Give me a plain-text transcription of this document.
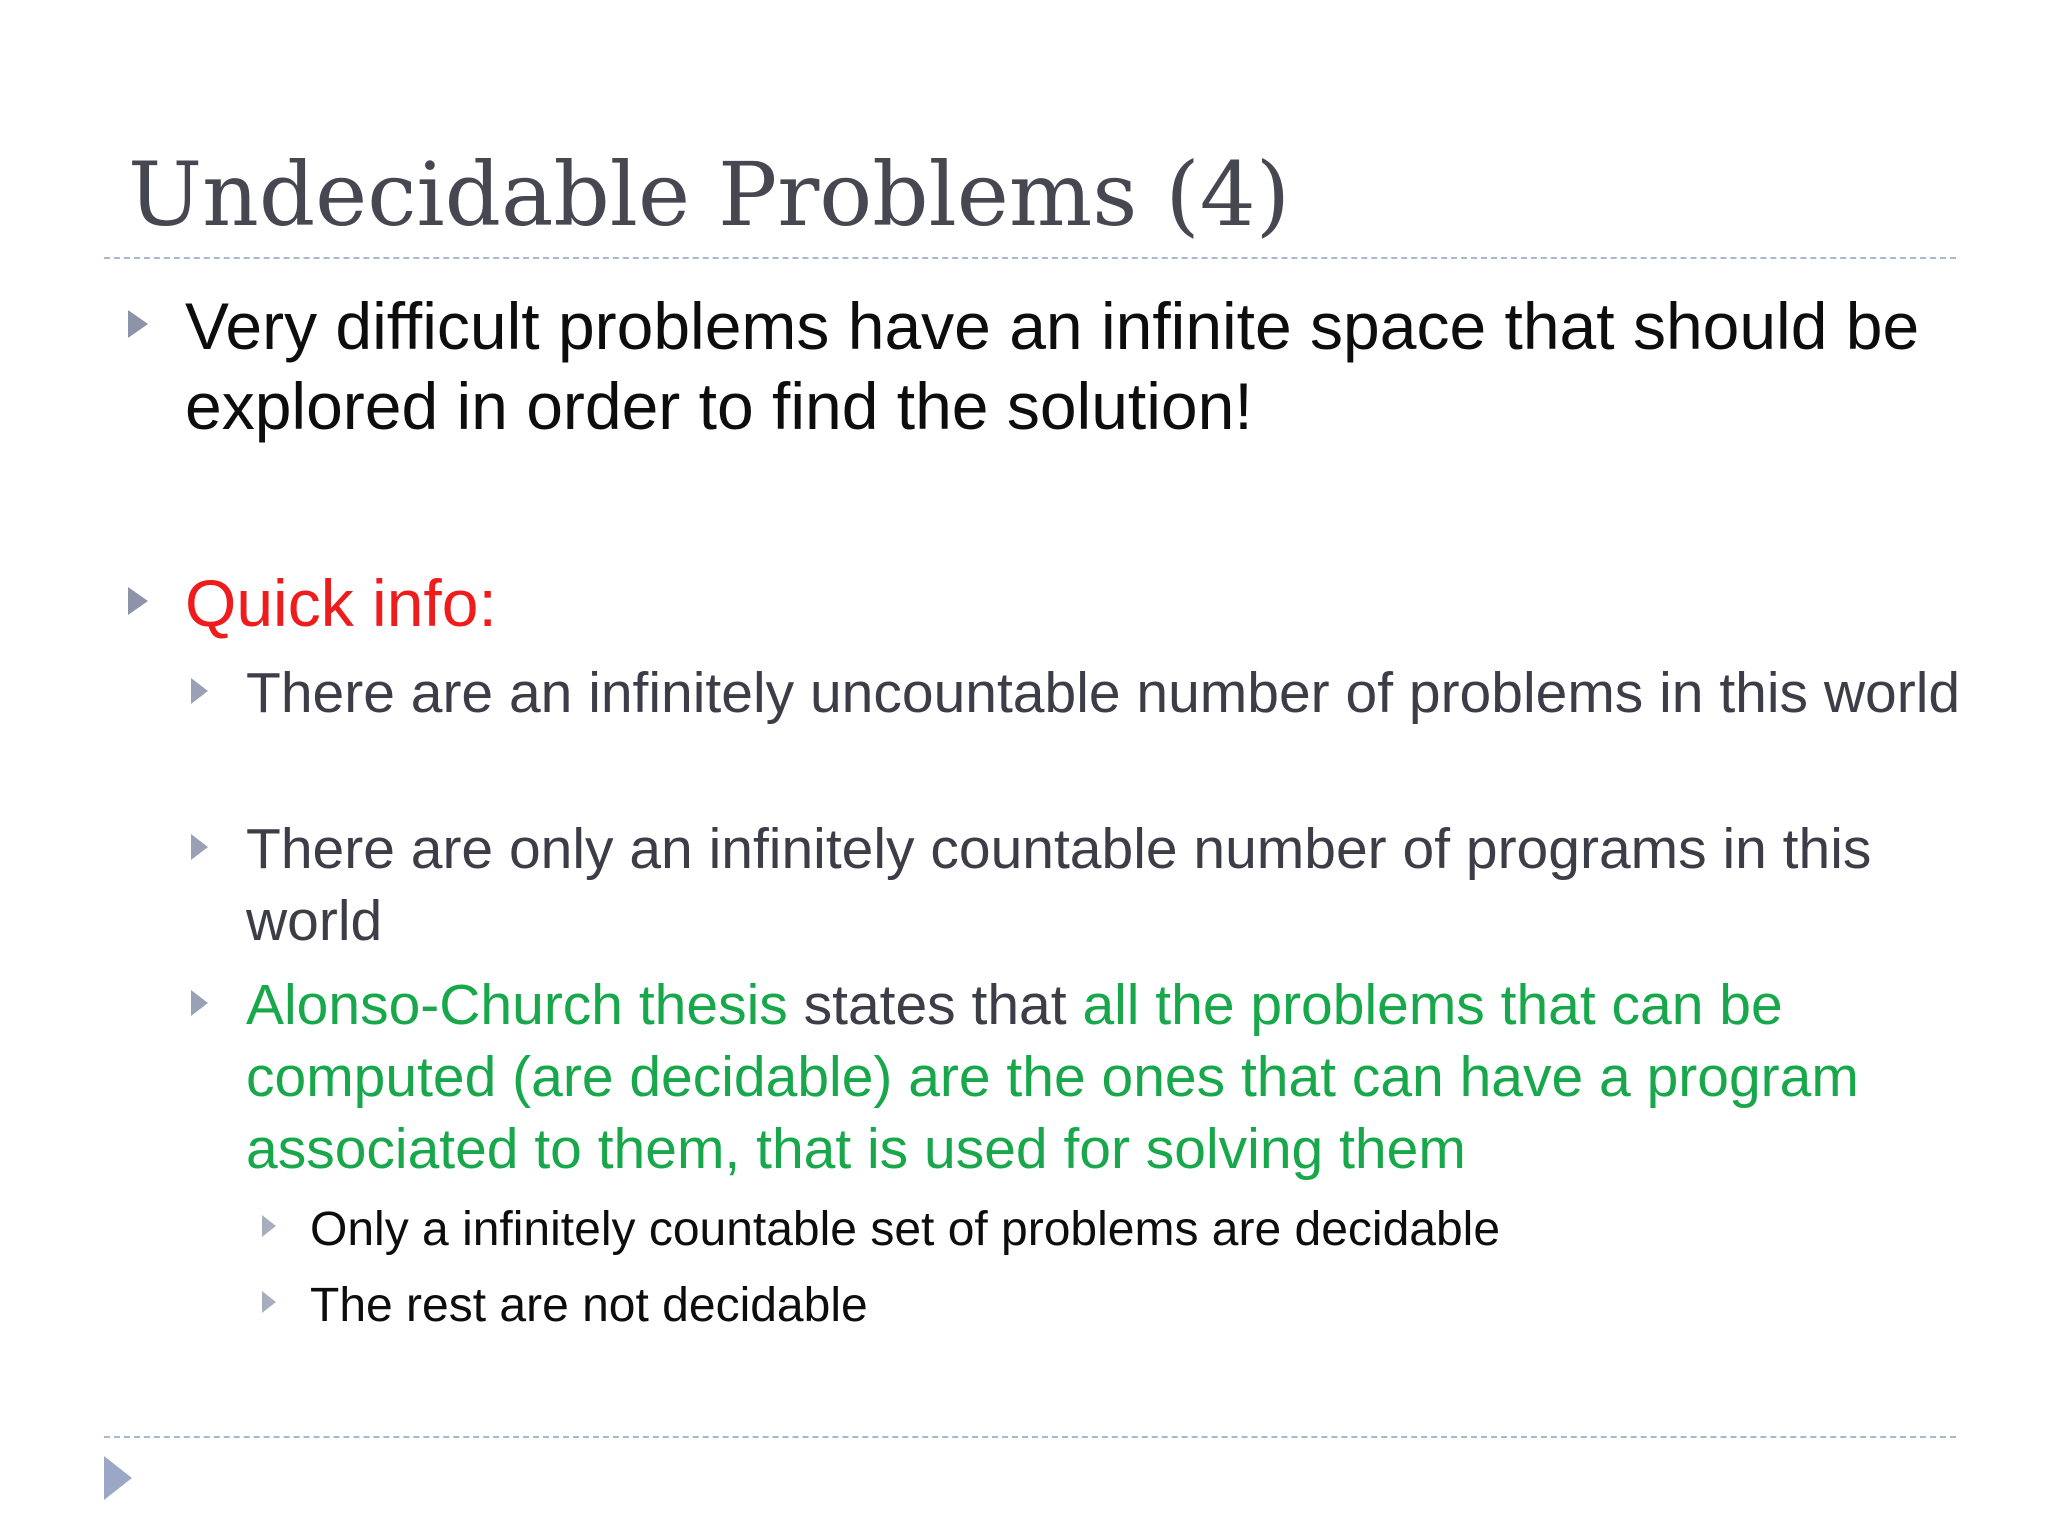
Undecidable Problems (4)
Very difficult problems have an infinite space that should be explored in order to find the solution!
Quick info:
There are an infinitely uncountable number of problems in this world
There are only an infinitely countable number of programs in this world
Alonso-Church thesis states that all the problems that can be computed (are decidable) are the ones that can have a program associated to them, that is used for solving them
Only a infinitely countable set of problems are decidable
The rest are not decidable
